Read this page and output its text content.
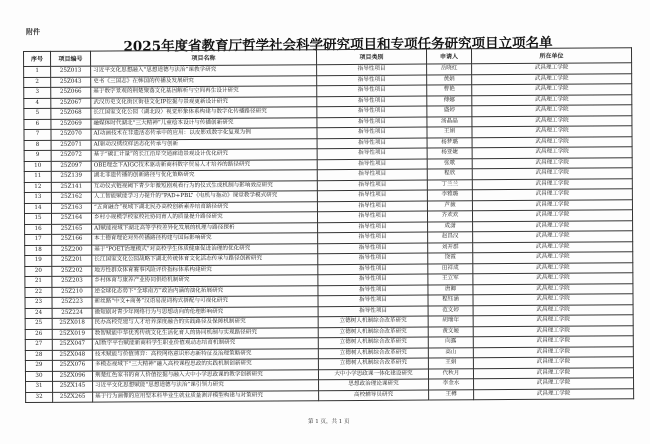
附件
2025年度省教育厅哲学社会科学研究项目和专项任务研究项目立项名单
序号	项目编号	项目名称	项目类别	申请人	所在单位
1	25Z013	习近平文化思想融入“思想道德与法治”课教学研究	指导性项目	岳晓红	武昌理工学院
2	25Z043	史书《三国志》在韩国的传播及发展研究	指导性项目	黄娟	武昌理工学院
3	25Z066	基于数字景观的荆楚聚落文化基因解析与空间再生设计研究	指导性项目	曹艳	武昌理工学院
4	25Z067	武汉历史文化街区街巷文化IP挖掘与景观更新设计研究	指导性项目	傅娜	武昌理工学院
5	25Z068	长江国家文化公园（湖北段）视觉形象体系构建与数字化传播路径研究	指导性项目	盛婷	武昌理工学院
6	25Z069	融媒体时代湖北“三大精神”儿童绘本设计与传播创新研究	指导性项目	汤晶晶	武昌理工学院
7	25Z070	AI动画技术在非遗活态传承中的应用：以皮影戏数字化复现为例	指导性项目	王娟	武昌理工学院
8	25Z071	AI驱动汉绣纹样活态化传承与创新	指导性项目	杨梦璐	武昌理工学院
9	25Z072	基于“碳汇计量”的长江沿岸交通廊道景观设计优化研究	指导性项目	杨亚婕	武昌理工学院
10	25Z097	OBE理念下AIGC技术驱动新商科数字贸易人才培养的路径研究	指导性项目	张歌	武昌理工学院
11	25Z139	湖北非遗传播的创新路径与优化策略研究	指导性项目	程欣	武昌理工学院
12	25Z141	互动仪式链视阈下青少年微短剧观看行为的仪式生成机制与影响效应研究	指导性项目	丁兰兰	武昌理工学院
13	25Z162	人工智能赋能学习力提升的“PAD+PBL”《电机与拖动》课堂教学模式研究	指导性项目	李雅璐	武昌理工学院
14	25Z163	“五育融合”视域下湖北民办高校创新素养培育路径研究	指导性项目	芦薇	武昌理工学院
15	25Z164	乡村小规模学校家校社协同育人的质量提升路径研究	指导性项目	齐欢欢	武昌理工学院
16	25Z165	AI赋能视域下湖北高等学校差异化发展的机理与路径探析	指导性项目	成潇	武昌理工学院
17	25Z166	本土德育理论对外传播路径构建与国际影响研究	指导性项目	赵昌汉	武昌理工学院
18	25Z200	基于“POET治理模式”对高校学生体质健康促进治理的优化研究	指导性项目	刘开群	武昌理工学院
19	25Z201	长江国家文化公园战略下湖北传统体育文化活态传承与路径创新研究	指导性项目	饶霞	武昌理工学院
20	25Z202	地方性群众体育赛事风险评价指标体系构建研究	指导性项目	田祥成	武昌理工学院
21	25Z203	乡村体育与康养产业协同供给机制研究	指导性项目	王立军	武昌理工学院
22	25Z210	逆全球化态势下“全球南方”政治内涵的演化拓展研究	指导性项目	唐卿	武昌理工学院
23	25Z223	新丝路“中文+商务”汉语易混词构式搭配与可视化研究	指导性项目	程钰涵	武昌理工学院
24	25Z224	微短剧对青少年网络行为与思想动向的伦理影响研究	指导性项目	范文婷	武昌理工学院
25	25ZX018	民办高校党建与人才培养深度融合的实践路径及保障机制研究	立德树人机制综合改革研究	胡瑞年	武昌理工学院
26	25ZX019	数智赋能中华优秀传统文化生活化育人的协同机制与实现路径研究	立德树人机制综合改革研究	黄文姬	武昌理工学院
27	25ZX047	AI数字平台赋能新商科学生职业价值观动态培育机制研究	立德树人机制综合改革研究	向露	武昌理工学院
28	25ZX048	技术赋能与价值博弈：高校网络意识形态新特征及治理策略研究	立德树人机制综合改革研究	高山	武昌理工学院
29	25ZX076	多模态视域下“三大精神”融入高校课程思政的实践机制创新研究	立德树人机制综合改革研究	王娟	武昌理工学院
30	25ZX096	荆楚红色家书的育人价值挖掘与融入大中小学思政课的教学创新研究	大中小学思政课一体化建设研究	代秋月	武昌理工学院
31	25ZX145	习近平文化思想赋能“思想道德与法治”课引领力研究	思想政治理论课研究	李金水	武昌理工学院
32	25ZX265	基于行为画像的应用型本科毕业生就业质量测评模型构建与对策研究	高校辅导员研究	王樽	武昌理工学院
第 1 页，共 1 页
